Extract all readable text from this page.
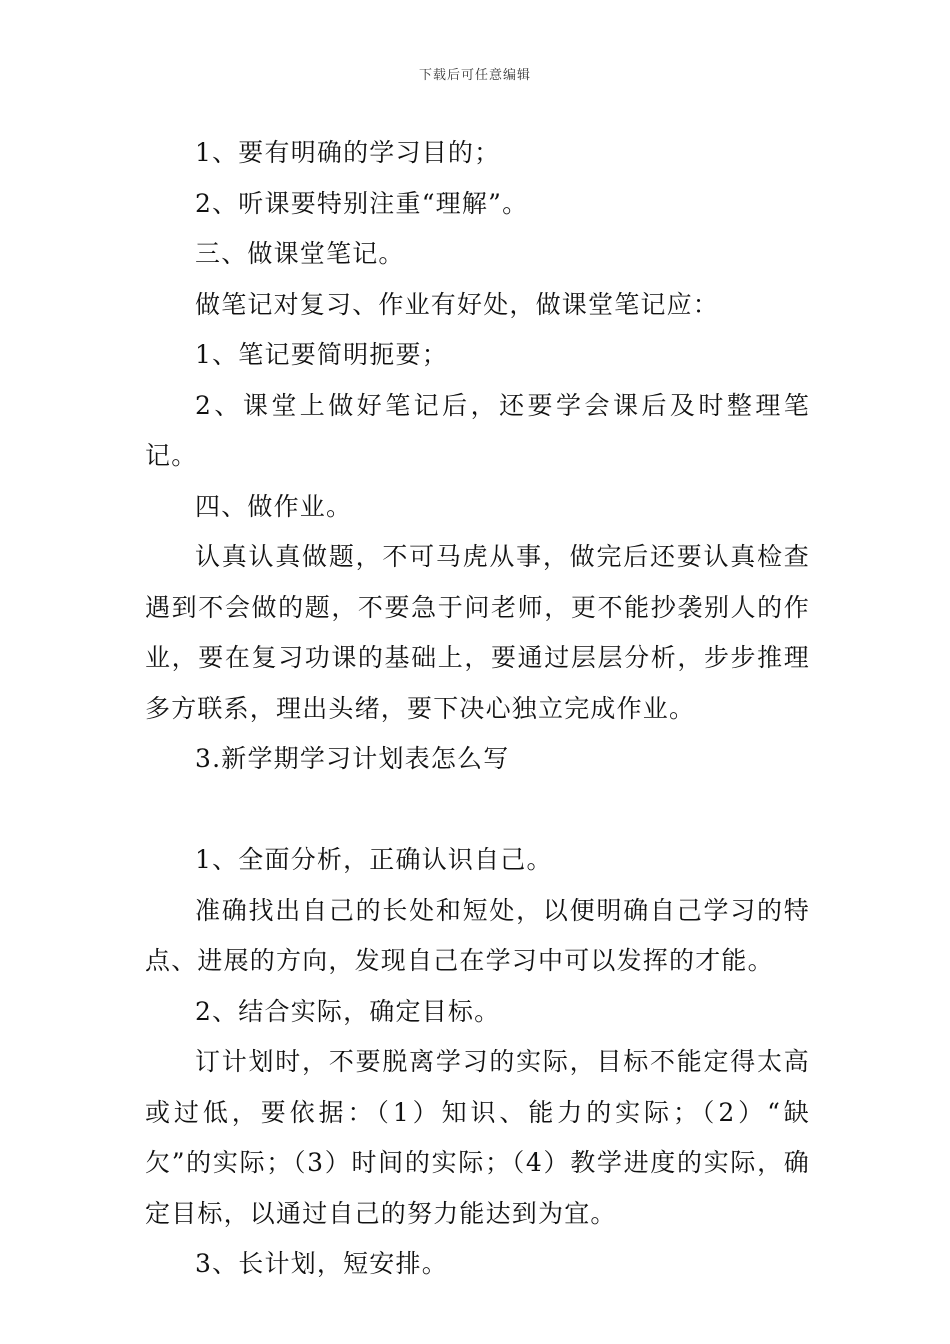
下载后可任意编辑

1、要有明确的学习目的；

2、听课要特别注重“理解”。

三、做课堂笔记。

做笔记对复习、作业有好处，做课堂笔记应：

1、笔记要简明扼要；

2、课堂上做好笔记后，还要学会课后及时整理笔记。

四、做作业。

认真认真做题，不可马虎从事，做完后还要认真检查遇到不会做的题，不要急于问老师，更不能抄袭别人的作业，要在复习功课的基础上，要通过层层分析，步步推理多方联系，理出头绪，要下决心独立完成作业。

3.新学期学习计划表怎么写

1、全面分析，正确认识自己。

准确找出自己的长处和短处，以便明确自己学习的特点、进展的方向，发现自己在学习中可以发挥的才能。

2、结合实际，确定目标。

订计划时，不要脱离学习的实际，目标不能定得太高或过低，要依据：（1）知识、能力的实际；（2）“缺欠”的实际；（3）时间的实际；（4）教学进度的实际，确定目标，以通过自己的努力能达到为宜。

3、长计划，短安排。
